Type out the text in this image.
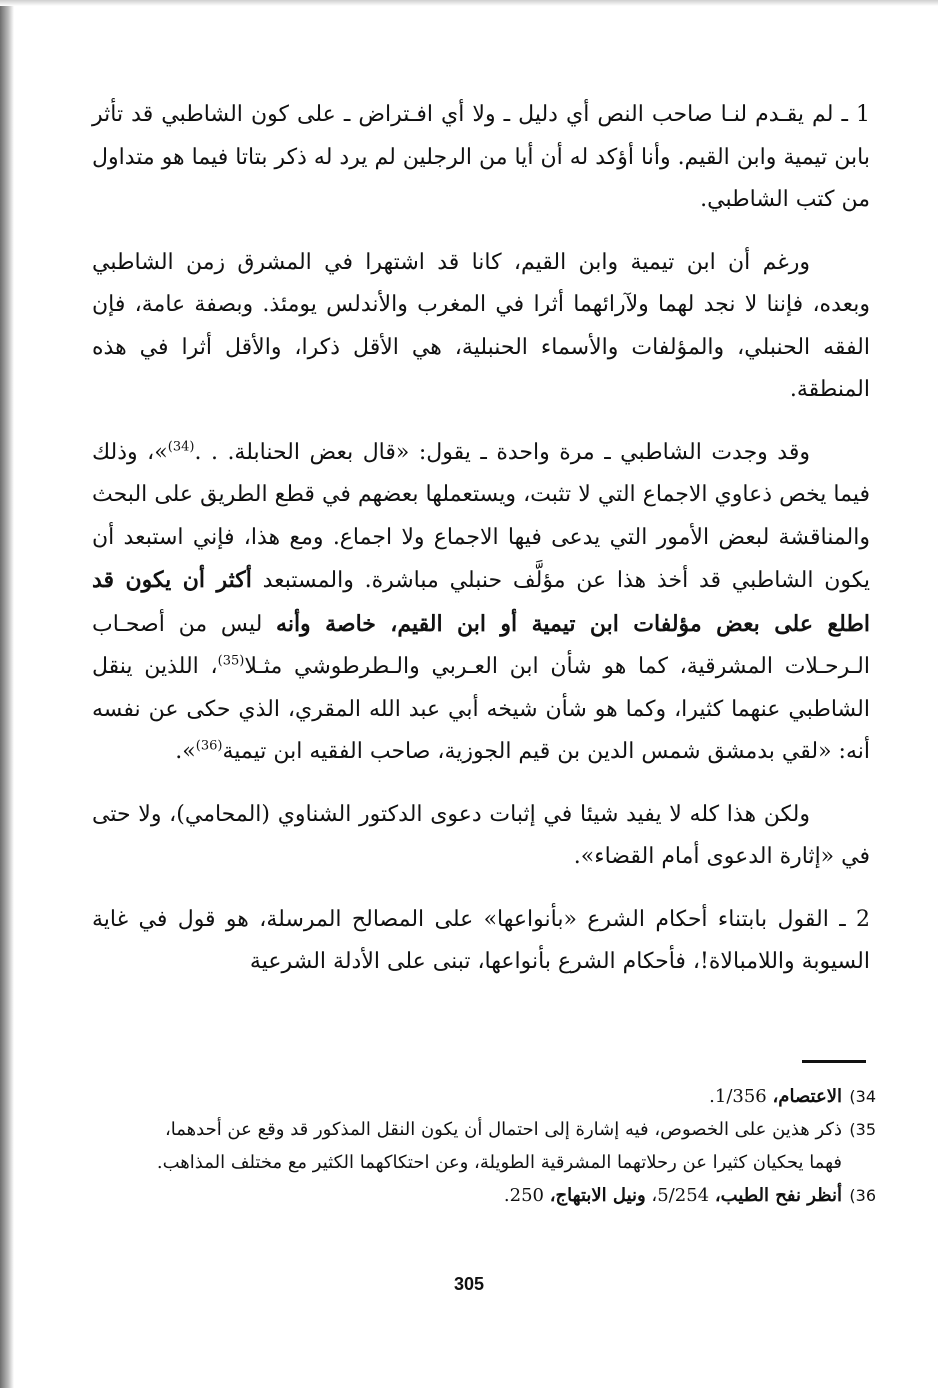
1 ـ لم يقـدم لنـا صاحب النص أي دليل ـ ولا أي افـتراض ـ على كون الشاطبي قد تأثر بابن تيمية وابن القيم. وأنا أؤكد له أن أيا من الرجلين لم يرد له ذكر بتاتا فيما هو متداول من كتب الشاطبي.

ورغم أن ابن تيمية وابن القيم، كانا قد اشتهرا في المشرق زمن الشاطبي وبعده، فإننا لا نجد لهما ولآرائهما أثرا في المغرب والأندلس يومئذ. وبصفة عامة، فإن الفقه الحنبلي، والمؤلفات والأسماء الحنبلية، هي الأقل ذكرا، والأقل أثرا في هذه المنطقة.

وقد وجدت الشاطبي ـ مرة واحدة ـ يقول: «قال بعض الحنابلة. . .$^{(34)}$»، وذلك فيما يخص ذعاوي الاجماع التي لا تثبت، ويستعملها بعضهم في قطع الطريق على البحث والمناقشة لبعض الأمور التي يدعى فيها الاجماع ولا اجماع. ومع هذا، فإني استبعد أن يكون الشاطبي قد أخذ هذا عن مؤلَّف حنبلي مباشرة. والمستبعد أكثر أن يكون قد اطلع على بعض مؤلفات ابن تيمية أو ابن القيم، خاصة وأنه ليس من أصحـاب الـرحـلات المشرقية، كما هو شأن ابن العـربي والـطرطوشي مثـلا$^{(35)}$، اللذين ينقل الشاطبي عنهما كثيرا، وكما هو شأن شيخه أبي عبد الله المقري، الذي حكى عن نفسه أنه: «لقي بدمشق شمس الدين بن قيم الجوزية، صاحب الفقيه ابن تيمية$^{(36)}$».

ولكن هذا كله لا يفيد شيئا في إثبات دعوى الدكتور الشناوي (المحامي)، ولا حتى في «إثارة الدعوى أمام القضاء».

2 ـ القول بابتناء أحكام الشرع «بأنواعها» على المصالح المرسلة، هو قول في غاية السيوبة واللامبالاة!، فأحكام الشرع بأنواعها، تبنى على الأدلة الشرعية

34)الاعتصام، 1/356.

35)ذكر هذين على الخصوص، فيه إشارة إلى احتمال أن يكون النقل المذكور قد وقع عن أحدهما،

فهما يحكيان كثيرا عن رحلاتهما المشرقية الطويلة، وعن احتكاكهما الكثير مع مختلف المذاهب.

36)أنظر نفح الطيب، 5/254، ونيل الابتهاج، 250.

305
